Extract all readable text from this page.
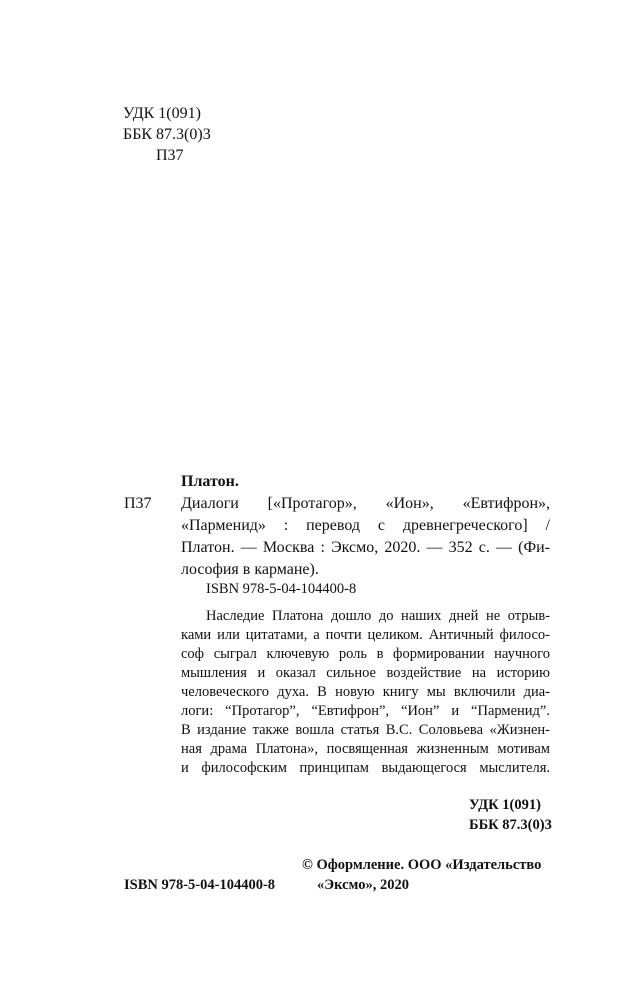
УДК 1(091)
ББК 87.3(0)3
П37
Платон.
П37 Диалоги [«Протагор», «Ион», «Евтифрон»,
«Парменид» : перевод с древнегреческого] /
Платон. — Москва : Эксмо, 2020. — 352 с. — (Фи-
лософия в кармане).
ISBN 978-5-04-104400-8
Наследие Платона дошло до наших дней не отрыв-
ками или цитатами, а почти целиком. Античный филосо-
соф сыграл ключевую роль в формировании научного
мышления и оказал сильное воздействие на историю
человеческого духа. В новую книгу мы включили диа-
логи: “Протагор”, “Евтифрон”, “Ион” и “Парменид”.
В издание также вошла статья В.С. Соловьева «Жизнен-
ная драма Платона», посвященная жизненным мотивам
и философским принципам выдающегося мыслителя.
УДК 1(091)
ББК 87.3(0)3
ISBN 978-5-04-104400-8
© Оформление. ООО «Издательство
«Эксмо», 2020
